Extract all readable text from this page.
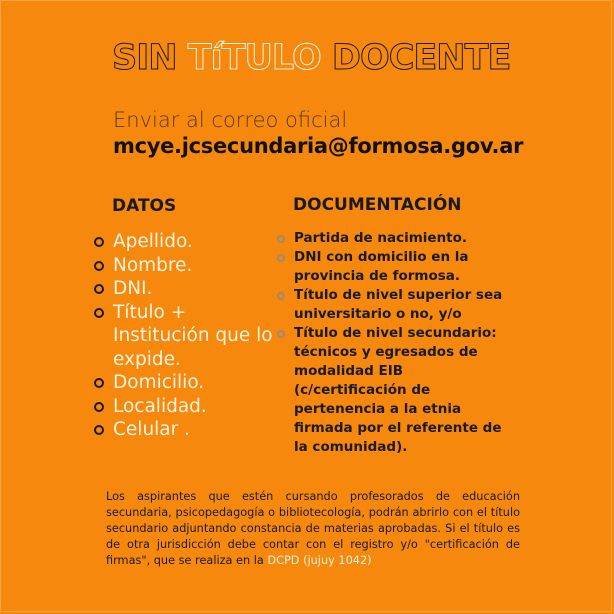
SIN TíTULO DOCENTE

Enviar al correo oficial

mcye.jcsecundaria@formosa.gov.ar

DATOS
Apellido.
Nombre.
DNI.
Título + Institución que lo expide.
Domicilio.
Localidad.
Celular .
DOCUMENTACIÓN
Partida de nacimiento.
DNI con domicilio en la provincia de formosa.
Título de nivel superior sea universitario o no, y/o
Título de nivel secundario: técnicos y egresados de modalidad EIB (c/certificación de pertenencia a la etnia firmada por el referente de la comunidad).

Los aspirantes que estén cursando profesorados de educación secundaria, psicopedagogía o bibliotecología, podrán abrirlo con el título secundario adjuntando constancia de materias aprobadas. Si el título es de otra jurisdicción debe contar con el registro y/o "certificación de firmas", que se realiza en la DCPD (jujuy 1042)
